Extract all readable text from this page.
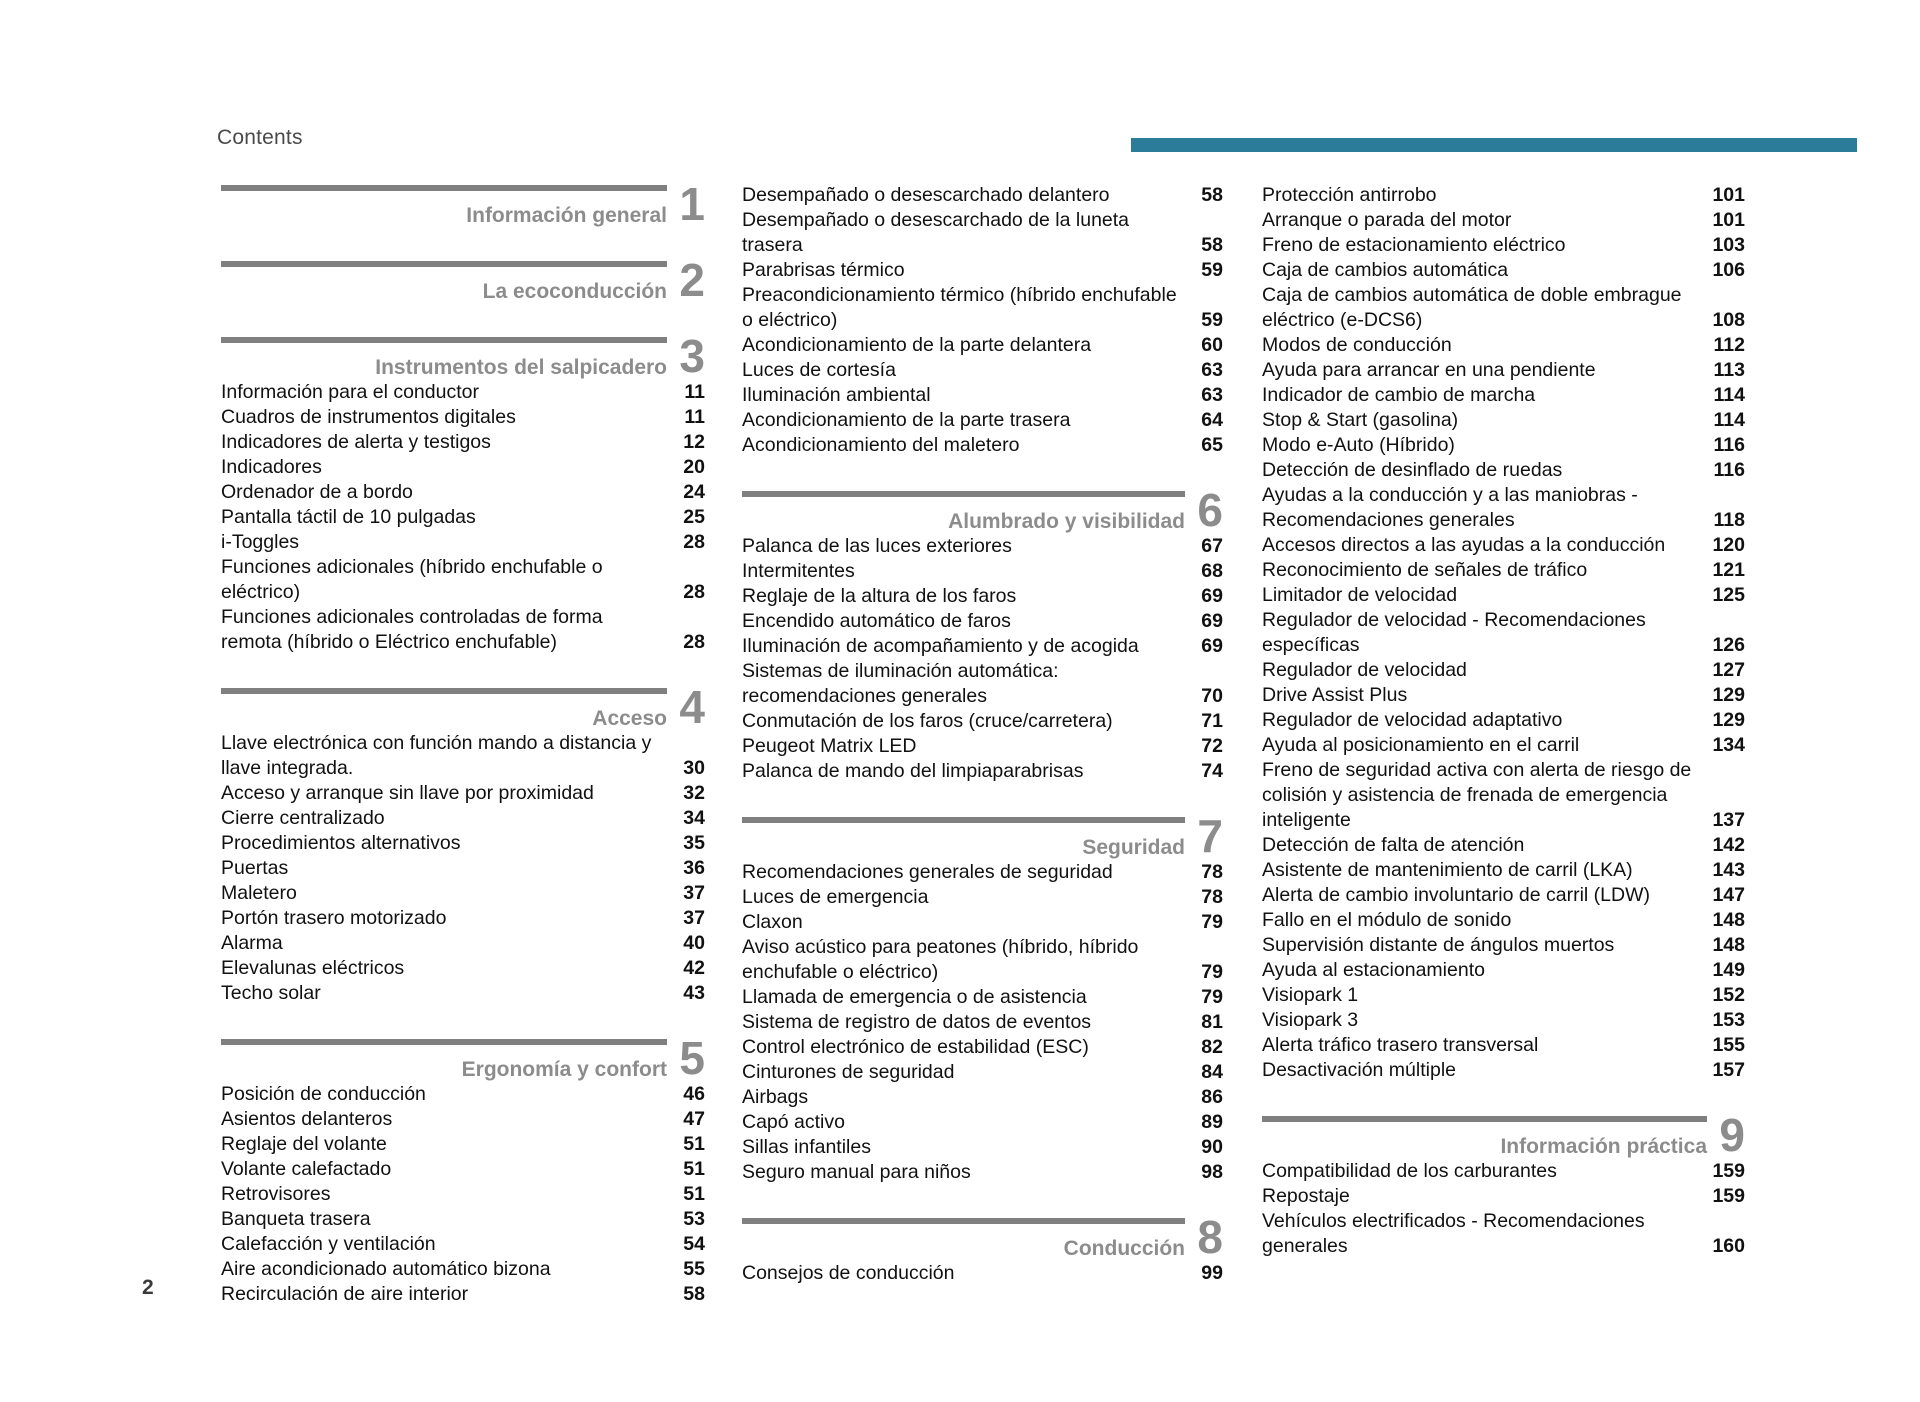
Contents
Información general 1
La ecoconducción 2
Instrumentos del salpicadero 3
Información para el conductor	11
Cuadros de instrumentos digitales	11
Indicadores de alerta y testigos	12
Indicadores	20
Ordenador de a bordo	24
Pantalla táctil de 10 pulgadas	25
i-Toggles	28
Funciones adicionales (híbrido enchufable o eléctrico)	28
Funciones adicionales controladas de forma remota (híbrido o Eléctrico enchufable)	28
Acceso 4
Llave electrónica con función mando a distancia y llave integrada.	30
Acceso y arranque sin llave por proximidad	32
Cierre centralizado	34
Procedimientos alternativos	35
Puertas	36
Maletero	37
Portón trasero motorizado	37
Alarma	40
Elevalunas eléctricos	42
Techo solar	43
Ergonomía y confort 5
Posición de conducción	46
Asientos delanteros	47
Reglaje del volante	51
Volante calefactado	51
Retrovisores	51
Banqueta trasera	53
Calefacción y ventilación	54
Aire acondicionado automático bizona	55
Recirculación de aire interior	58
Desempañado o desescarchado delantero	58
Desempañado o desescarchado de la luneta trasera	58
Parabrisas térmico	59
Preacondicionamiento térmico (híbrido enchufable o eléctrico)	59
Acondicionamiento de la parte delantera	60
Luces de cortesía	63
Iluminación ambiental	63
Acondicionamiento de la parte trasera	64
Acondicionamiento del maletero	65
Alumbrado y visibilidad 6
Palanca de las luces exteriores	67
Intermitentes	68
Reglaje de la altura de los faros	69
Encendido automático de faros	69
Iluminación de acompañamiento y de acogida	69
Sistemas de iluminación automática: recomendaciones generales	70
Conmutación de los faros (cruce/carretera)	71
Peugeot Matrix LED	72
Palanca de mando del limpiaparabrisas	74
Seguridad 7
Recomendaciones generales de seguridad	78
Luces de emergencia	78
Claxon	79
Aviso acústico para peatones (híbrido, híbrido enchufable o eléctrico)	79
Llamada de emergencia o de asistencia	79
Sistema de registro de datos de eventos	81
Control electrónico de estabilidad (ESC)	82
Cinturones de seguridad	84
Airbags	86
Capó activo	89
Sillas infantiles	90
Seguro manual para niños	98
Conducción 8
Consejos de conducción	99
Protección antirrobo	101
Arranque o parada del motor	101
Freno de estacionamiento eléctrico	103
Caja de cambios automática	106
Caja de cambios automática de doble embrague eléctrico (e-DCS6)	108
Modos de conducción	112
Ayuda para arrancar en una pendiente	113
Indicador de cambio de marcha	114
Stop & Start (gasolina)	114
Modo e-Auto (Híbrido)	116
Detección de desinflado de ruedas	116
Ayudas a la conducción y a las maniobras - Recomendaciones generales	118
Accesos directos a las ayudas a la conducción	120
Reconocimiento de señales de tráfico	121
Limitador de velocidad	125
Regulador de velocidad - Recomendaciones específicas	126
Regulador de velocidad	127
Drive Assist Plus	129
Regulador de velocidad adaptativo	129
Ayuda al posicionamiento en el carril	134
Freno de seguridad activa con alerta de riesgo de colisión y asistencia de frenada de emergencia inteligente	137
Detección de falta de atención	142
Asistente de mantenimiento de carril (LKA)	143
Alerta de cambio involuntario de carril (LDW)	147
Fallo en el módulo de sonido	148
Supervisión distante de ángulos muertos	148
Ayuda al estacionamiento	149
Visiopark 1	152
Visiopark 3	153
Alerta tráfico trasero transversal	155
Desactivación múltiple	157
Información práctica 9
Compatibilidad de los carburantes	159
Repostaje	159
Vehículos electrificados - Recomendaciones generales	160
2
